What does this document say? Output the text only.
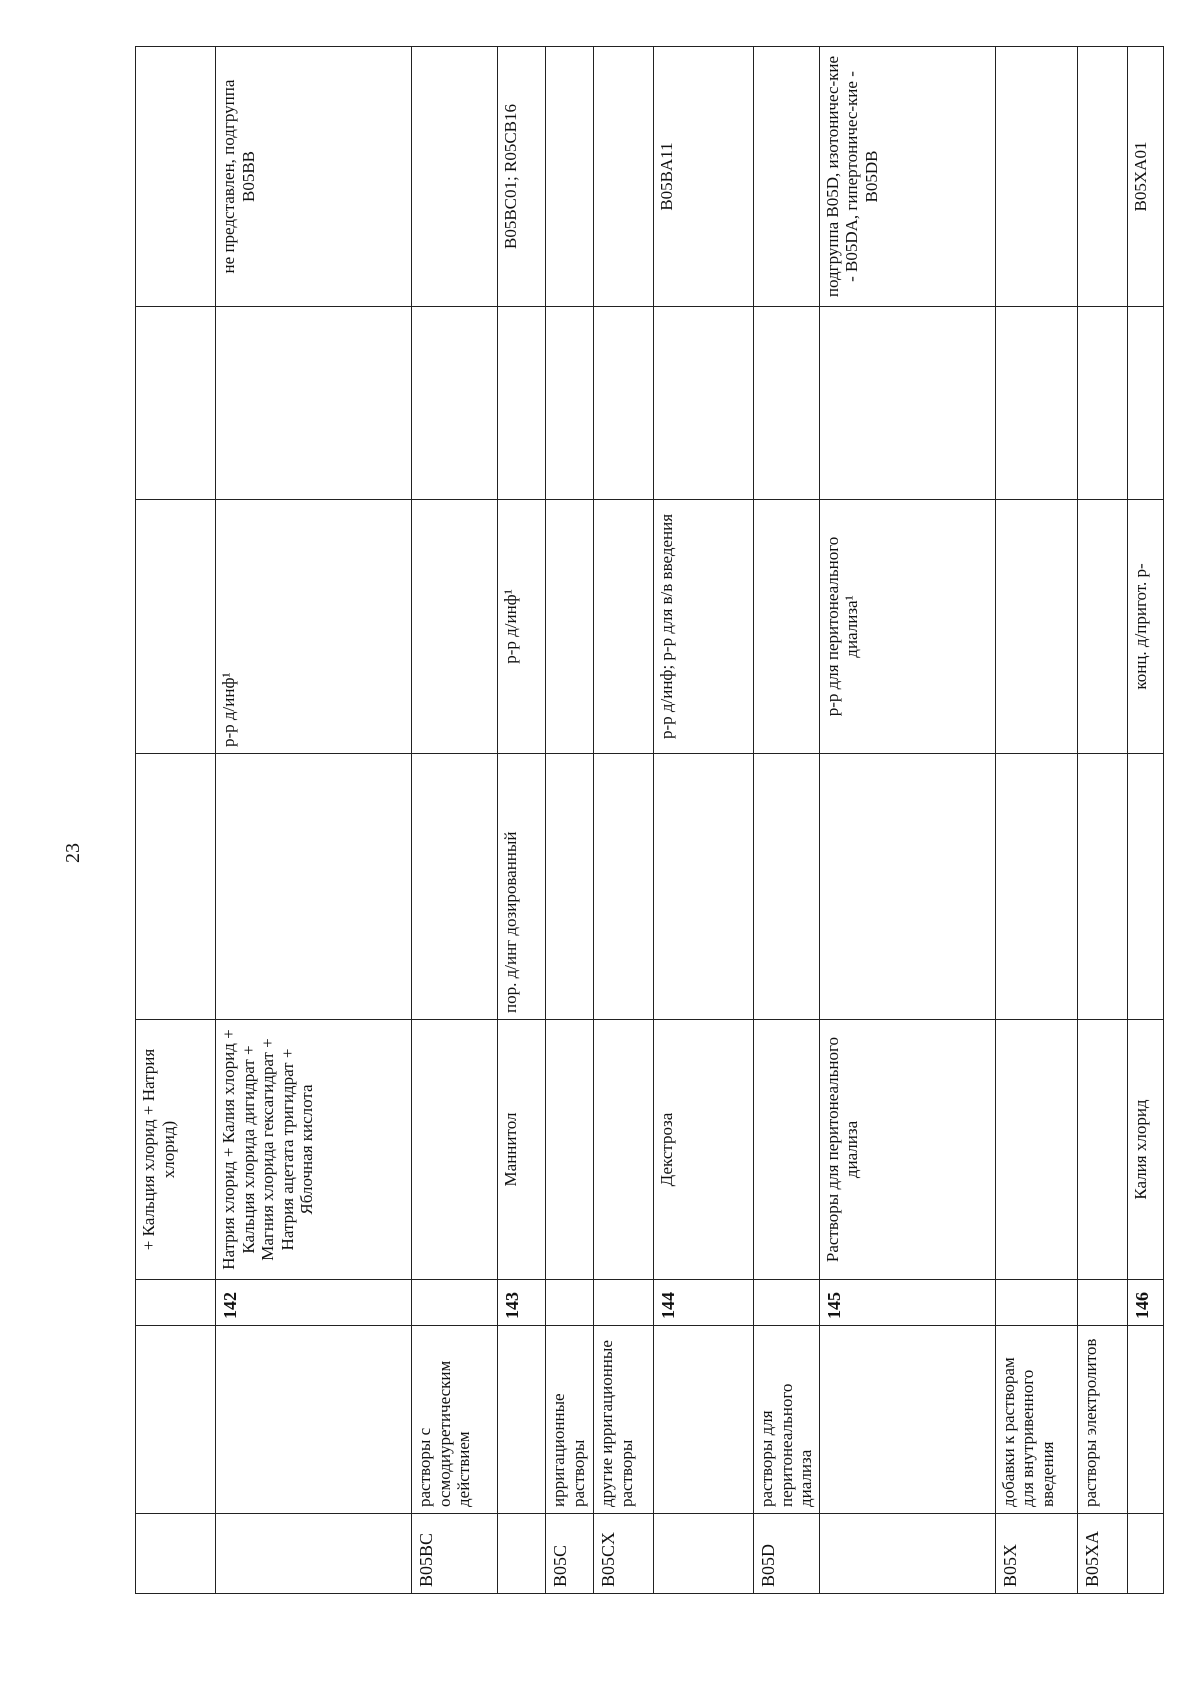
23
			+ Кальция хлорид + Натрия хлорид)				
		142	Натрия хлорид + Калия хлорид + Кальция хлорида дигидрат + Магния хлорида гексагидрат + Натрия ацетата тригидрат + Яблочная кислота		р-р д/инф¹		не представлен, подгруппа B05BB
B05BC	растворы с осмодиуретическим действием						
		143	Маннитол	пор. д/инг дозированный	р-р д/инф¹		B05BC01; R05CB16
B05C	ирригационные растворы						
B05CX	другие ирригационные растворы						
		144	Декстроза		р-р д/инф; р-р для в/в введения		B05BA11
B05D	растворы для перитонеального диализа						
		145	Растворы для перитонеального диализа		р-р для перитонеального диализа¹		подгруппа B05D, изотоничес-кие - B05DA, гипертоничес-кие - B05DB
B05X	добавки к растворам для внутривенного введения						
B05XA	растворы электролитов						
		146	Калия хлорид		конц. д/пригот. р-		B05XA01
